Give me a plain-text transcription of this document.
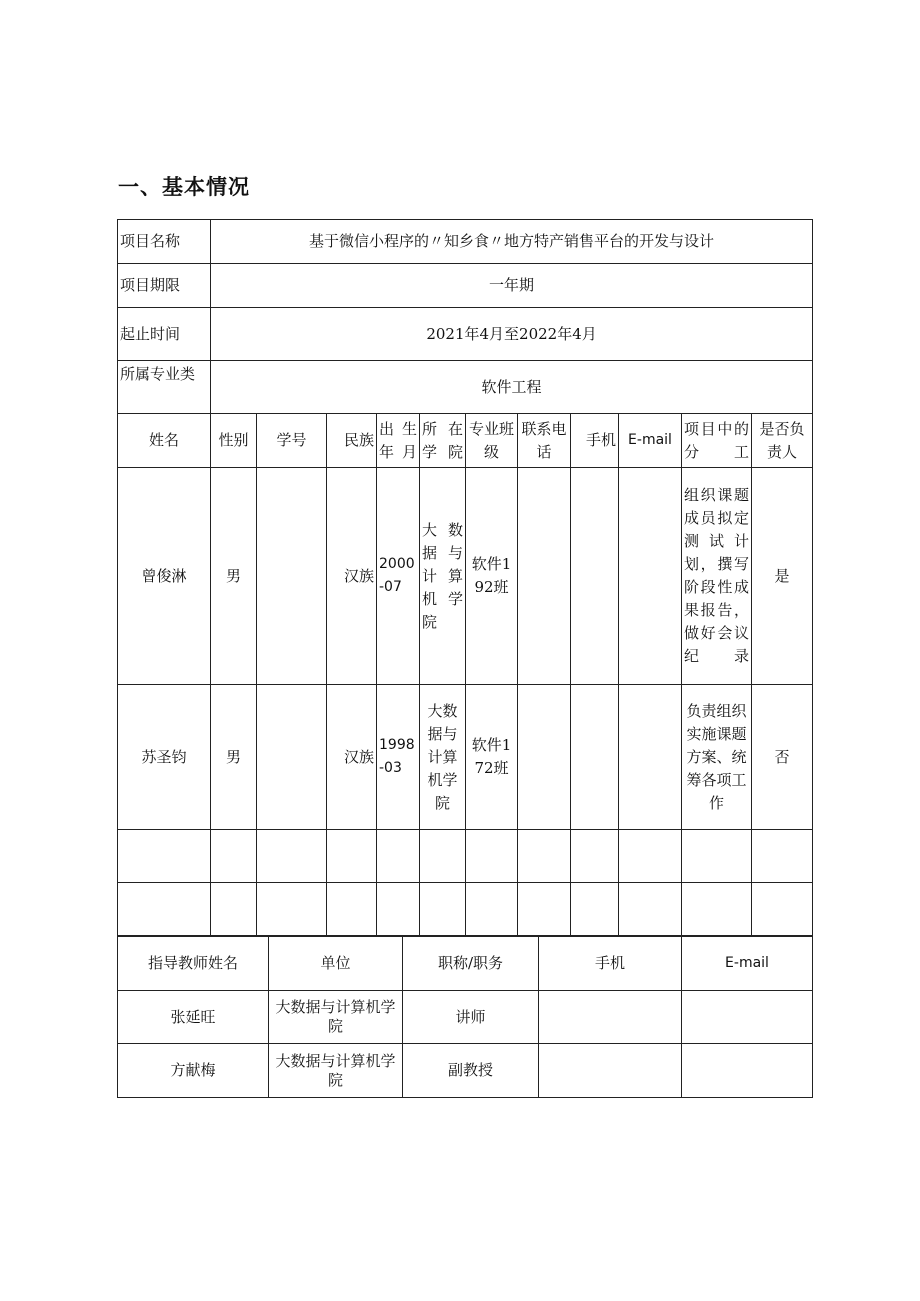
一、基本情况
项目名称	基于微信小程序的〃知乡食〃地方特产销售平台的开发与设计										
项目期限	一年期										
起止时间	2021年4月至2022年4月										
所属专业类	软件工程										
姓名	性别	学号	民族	出生年月	所在学院	专业班级	联系电话	手机	E-mail	项目中的分工	是否负责人
曾俊淋	男		汉族	2000-07	大数据与计算机学院	软件192班				组织课题成员拟定测试计划，撰写阶段性成果报告，做好会议纪录	是
苏圣钧	男		汉族	1998-03	大数据与计算机学院	软件172班				负责组织实施课题方案、统筹各项工作	否

指导教师姓名	单位	职称/职务	手机	E-mail
张延旺	大数据与计算机学院	讲师		
方献梅	大数据与计算机学院	副教授		
